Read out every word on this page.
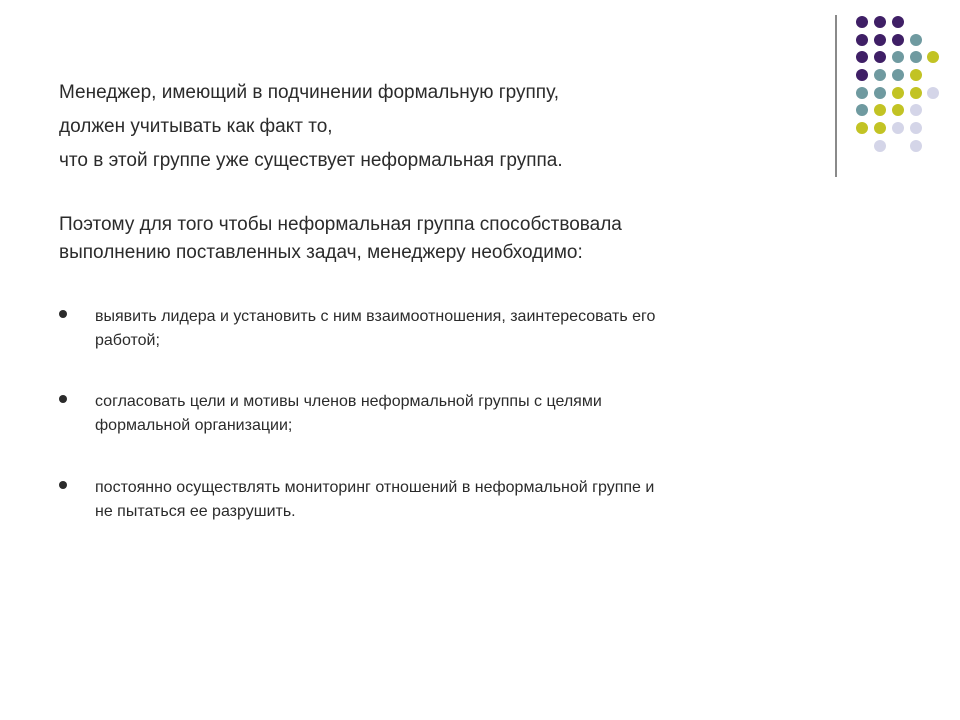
Менеджер, имеющий в подчинении формальную группу,
должен учитывать как факт то,
что в этой группе уже существует неформальная группа.

Поэтому для того чтобы неформальная группа способствовала
выполнению поставленных задач, менеджеру необходимо:

выявить лидера и установить с ним взаимоотношения, заинтересовать его
работой;
согласовать цели и мотивы членов неформальной группы с целями
формальной организации;
постоянно осуществлять мониторинг отношений в неформальной группе и
не пытаться ее разрушить.
